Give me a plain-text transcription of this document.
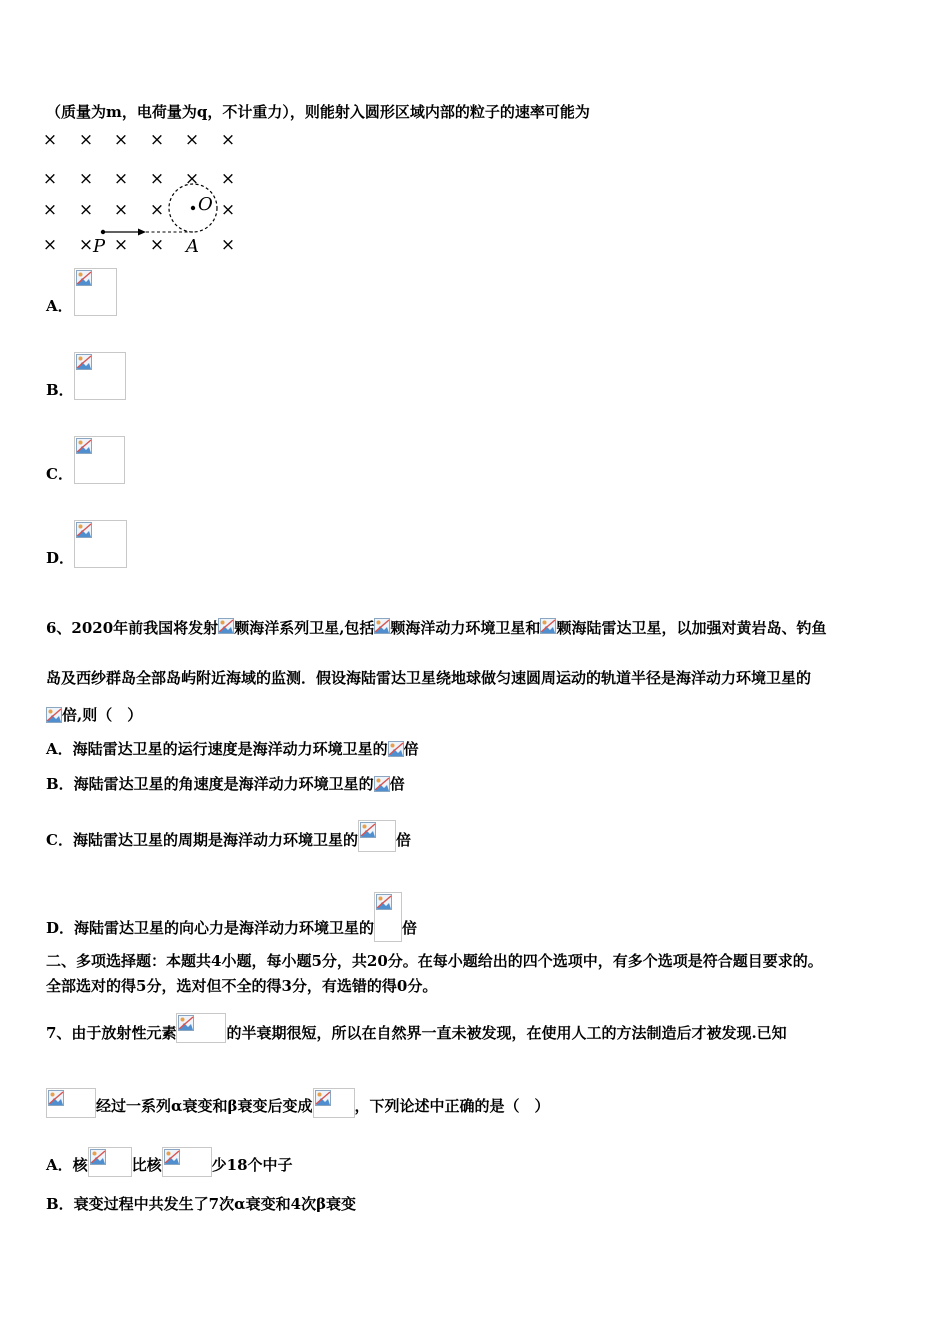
（质量为m，电荷量为q，不计重力），则能射入圆形区域内部的粒子的速率可能为
× × × × × ×
× × × × × ×
× × × ×	×
× × × ×	×
O
P	A
A．
B．
C．
D．
6、2020年前我国将发射 颗海洋系列卫星,包括 颗海洋动力环境卫星和 颗海陆雷达卫星，以加强对黄岩岛、钓鱼
岛及西纱群岛全部岛屿附近海域的监测．假设海陆雷达卫星绕地球做匀速圆周运动的轨道半径是海洋动力环境卫星的
倍,则（　）
A．海陆雷达卫星的运行速度是海洋动力环境卫星的 倍
B．海陆雷达卫星的角速度是海洋动力环境卫星的 倍
C．海陆雷达卫星的周期是海洋动力环境卫星的	倍
D．海陆雷达卫星的向心力是海洋动力环境卫星的 倍
二、多项选择题：本题共4小题，每小题5分，共20分。在每小题给出的四个选项中，有多个选项是符合题目要求的。
全部选对的得5分，选对但不全的得3分，有选错的得0分。
7、由于放射性元素	的半衰期很短，所以在自然界一直未被发现，在使用人工的方法制造后才被发现.已知
经过一系列α衰变和β衰变后变成	，下列论述中正确的是（　）
A．核	比核	少18个中子
B．衰变过程中共发生了7次α衰变和4次β衰变
